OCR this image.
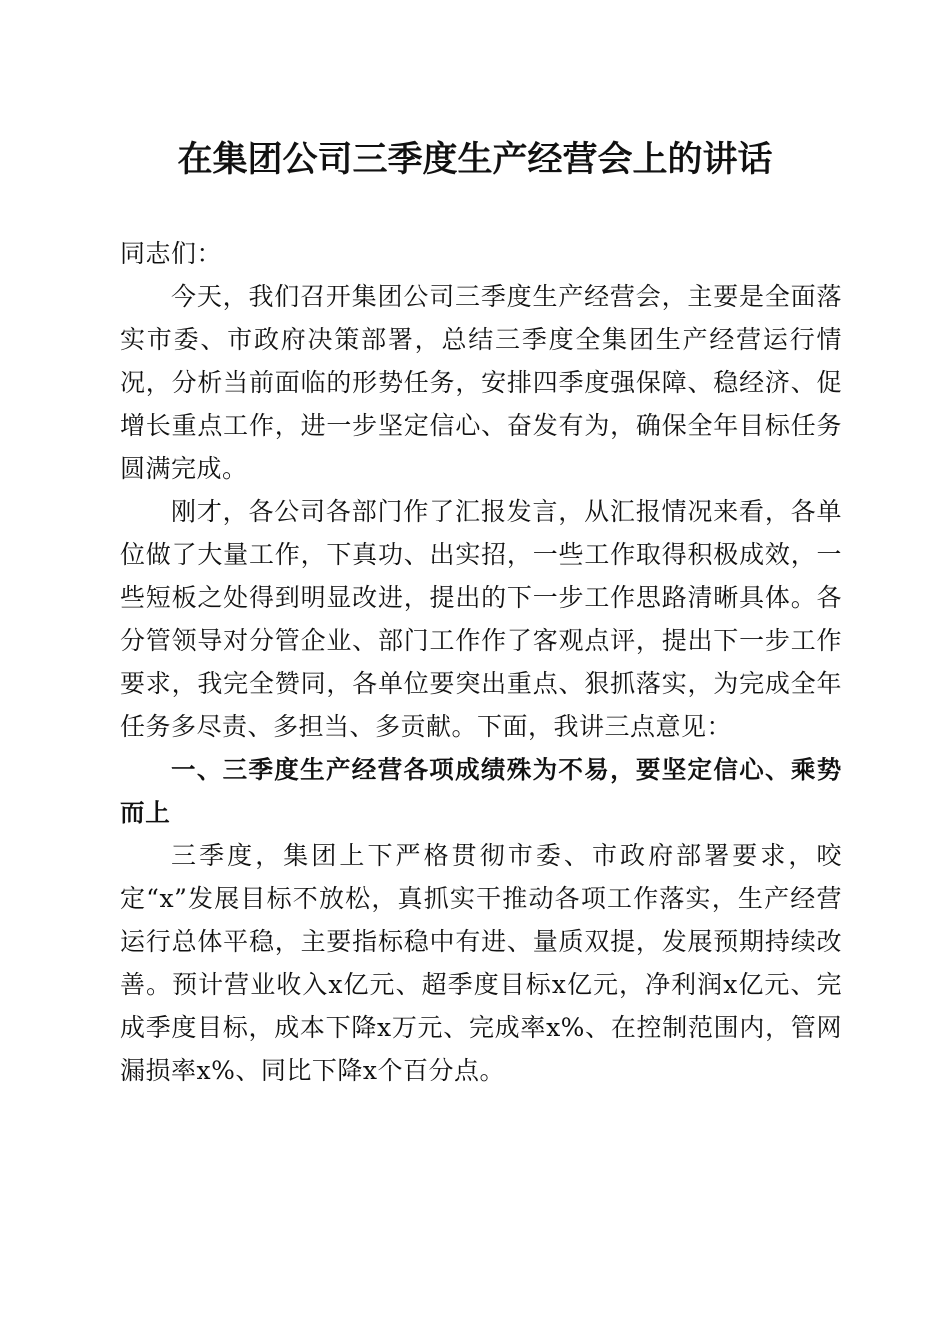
在集团公司三季度生产经营会上的讲话

同志们：

今天，我们召开集团公司三季度生产经营会，主要是全面落实市委、市政府决策部署，总结三季度全集团生产经营运行情况，分析当前面临的形势任务，安排四季度强保障、稳经济、促增长重点工作，进一步坚定信心、奋发有为，确保全年目标任务圆满完成。

刚才，各公司各部门作了汇报发言，从汇报情况来看，各单位做了大量工作，下真功、出实招，一些工作取得积极成效，一些短板之处得到明显改进，提出的下一步工作思路清晰具体。各分管领导对分管企业、部门工作作了客观点评，提出下一步工作要求，我完全赞同，各单位要突出重点、狠抓落实，为完成全年任务多尽责、多担当、多贡献。下面，我讲三点意见：

一、三季度生产经营各项成绩殊为不易，要坚定信心、乘势而上

三季度，集团上下严格贯彻市委、市政府部署要求，咬定“x”发展目标不放松，真抓实干推动各项工作落实，生产经营运行总体平稳，主要指标稳中有进、量质双提，发展预期持续改善。预计营业收入x亿元、超季度目标x亿元，净利润x亿元、完成季度目标，成本下降x万元、完成率x%、在控制范围内，管网漏损率x%、同比下降x个百分点。
